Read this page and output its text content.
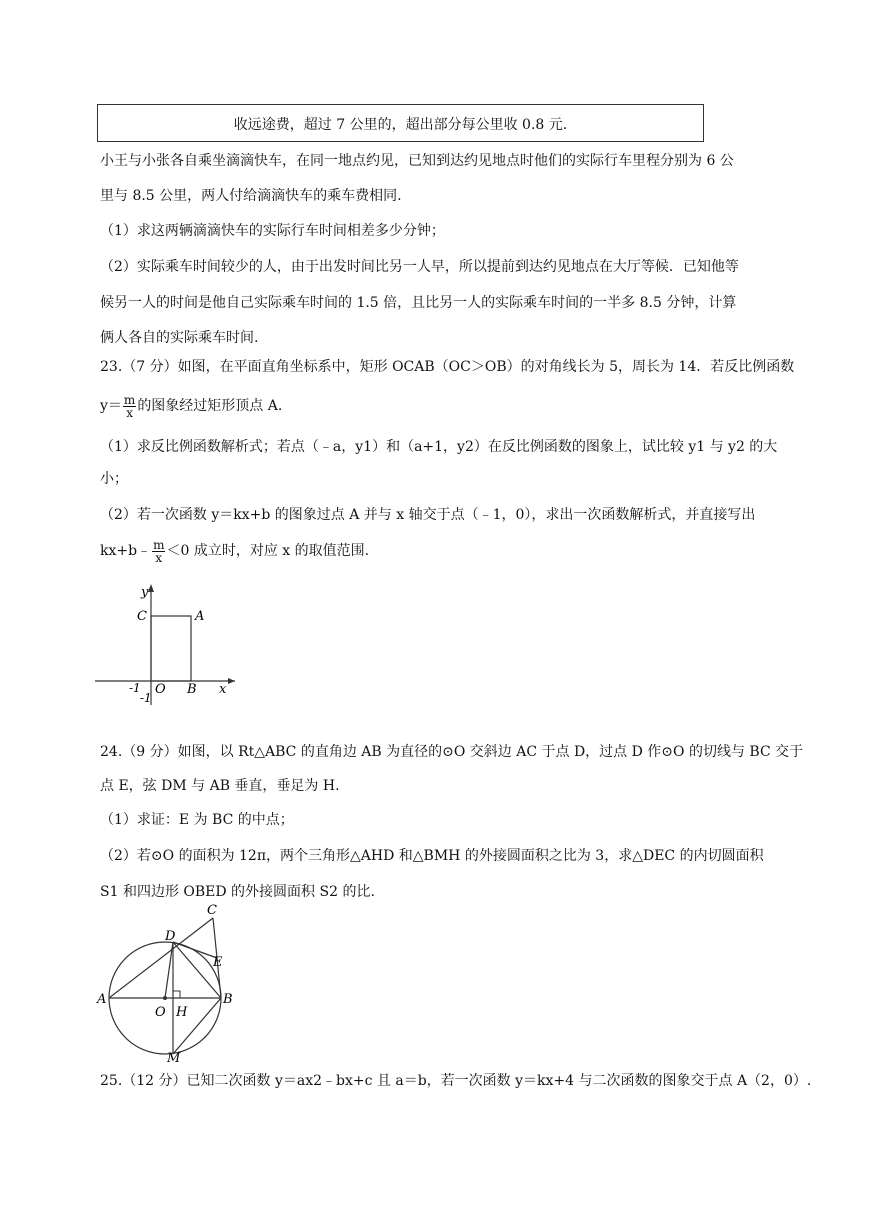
收远途费，超过 7 公里的，超出部分每公里收 0.8 元.
小王与小张各自乘坐滴滴快车，在同一地点约见，已知到达约见地点时他们的实际行车里程分别为 6 公
里与 8.5 公里，两人付给滴滴快车的乘车费相同.
（1）求这两辆滴滴快车的实际行车时间相差多少分钟；
（2）实际乘车时间较少的人，由于出发时间比另一人早，所以提前到达约见地点在大厅等候．已知他等
候另一人的时间是他自己实际乘车时间的 1.5 倍，且比另一人的实际乘车时间的一半多 8.5 分钟，计算
俩人各自的实际乘车时间.
23.（7 分）如图，在平面直角坐标系中，矩形 OCAB（OC＞OB）的对角线长为 5，周长为 14．若反比例函数
$y= \frac{m}{x}$ 的图象经过矩形顶点 A.
（1）求反比例函数解析式；若点（﹣a，y1）和（a+1，y2）在反比例函数的图象上，试比较 y1 与 y2 的大
小；
（2）若一次函数 y＝kx+b 的图象过点 A 并与 x 轴交于点（﹣1，0），求出一次函数解析式，并直接写出
kx+b﹣ $\frac{m}{x} <0$ 成立时，对应 x 的取值范围.
y
C	A
O B x
-1
-1
24.（9 分）如图，以 Rt△ABC 的直角边 AB 为直径的⊙O 交斜边 AC 于点 D，过点 D 作⊙O 的切线与 BC 交于
点 E，弦 DM 与 AB 垂直，垂足为 H.
（1）求证：E 为 BC 的中点；
（2）若⊙O 的面积为 12π，两个三角形△AHD 和△BMH 的外接圆面积之比为 3，求△DEC 的内切圆面积
S1 和四边形 OBED 的外接圆面积 S2 的比.
C
D
E
A
O H
B
M
25.（12 分）已知二次函数 y＝ax2﹣bx+c 且 a＝b，若一次函数 y＝kx+4 与二次函数的图象交于点 A（2，0）.
